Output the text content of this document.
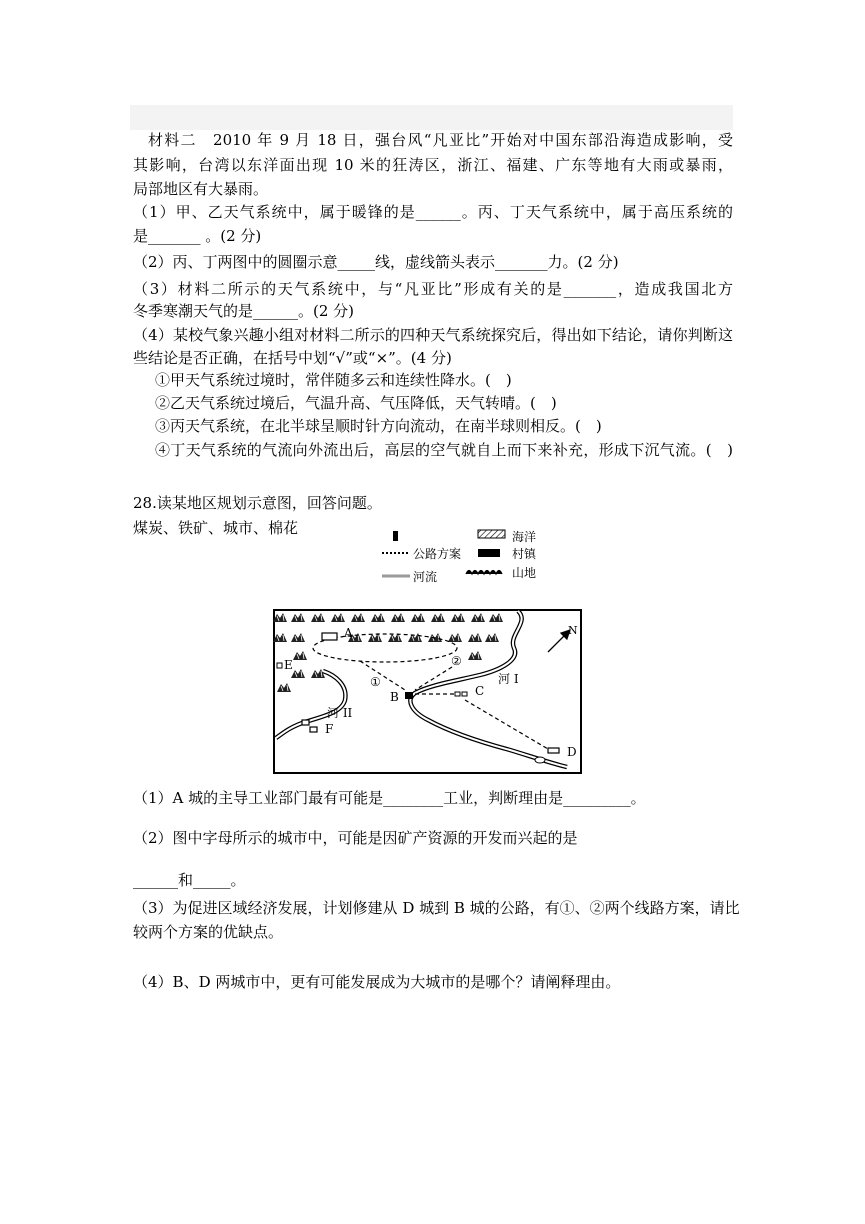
材料二　2010 年 9 月 18 日，强台风“凡亚比”开始对中国东部沿海造成影响，受
其影响，台湾以东洋面出现 10 米的狂涛区，浙江、福建、广东等地有大雨或暴雨，
局部地区有大暴雨。
（1）甲、乙天气系统中，属于暖锋的是______。丙、丁天气系统中，属于高压系统的
是_______ 。(2 分)
（2）丙、丁两图中的圆圈示意_____线，虚线箭头表示_______力。(2 分)
（3）材料二所示的天气系统中，与“凡亚比”形成有关的是_______，造成我国北方
冬季寒潮天气的是______。(2 分)
（4）某校气象兴趣小组对材料二所示的四种天气系统探究后，得出如下结论，请你判断这
些结论是否正确，在括号中划“√”或“×”。(4 分)
①甲天气系统过境时，常伴随多云和连续性降水。(　)
②乙天气系统过境后，气温升高、气压降低，天气转晴。(　)
③丙天气系统，在北半球呈顺时针方向流动，在南半球则相反。(　)
④丁天气系统的气流向外流出后，高层的空气就自上而下来补充，形成下沉气流。(　)
28.读某地区规划示意图，回答问题。
煤炭、铁矿、城市、棉花	海洋
公路方案	村镇
河流	山地
A
B	C
D
E
F
①
②
河 I
河 II
N
（1）A 城的主导工业部门最有可能是________工业，判断理由是_________。
（2）图中字母所示的城市中，可能是因矿产资源的开发而兴起的是
______和_____。
（3）为促进区域经济发展，计划修建从 D 城到 B 城的公路，有①、②两个线路方案，请比
较两个方案的优缺点。
（4）B、D 两城市中，更有可能发展成为大城市的是哪个？请阐释理由。
